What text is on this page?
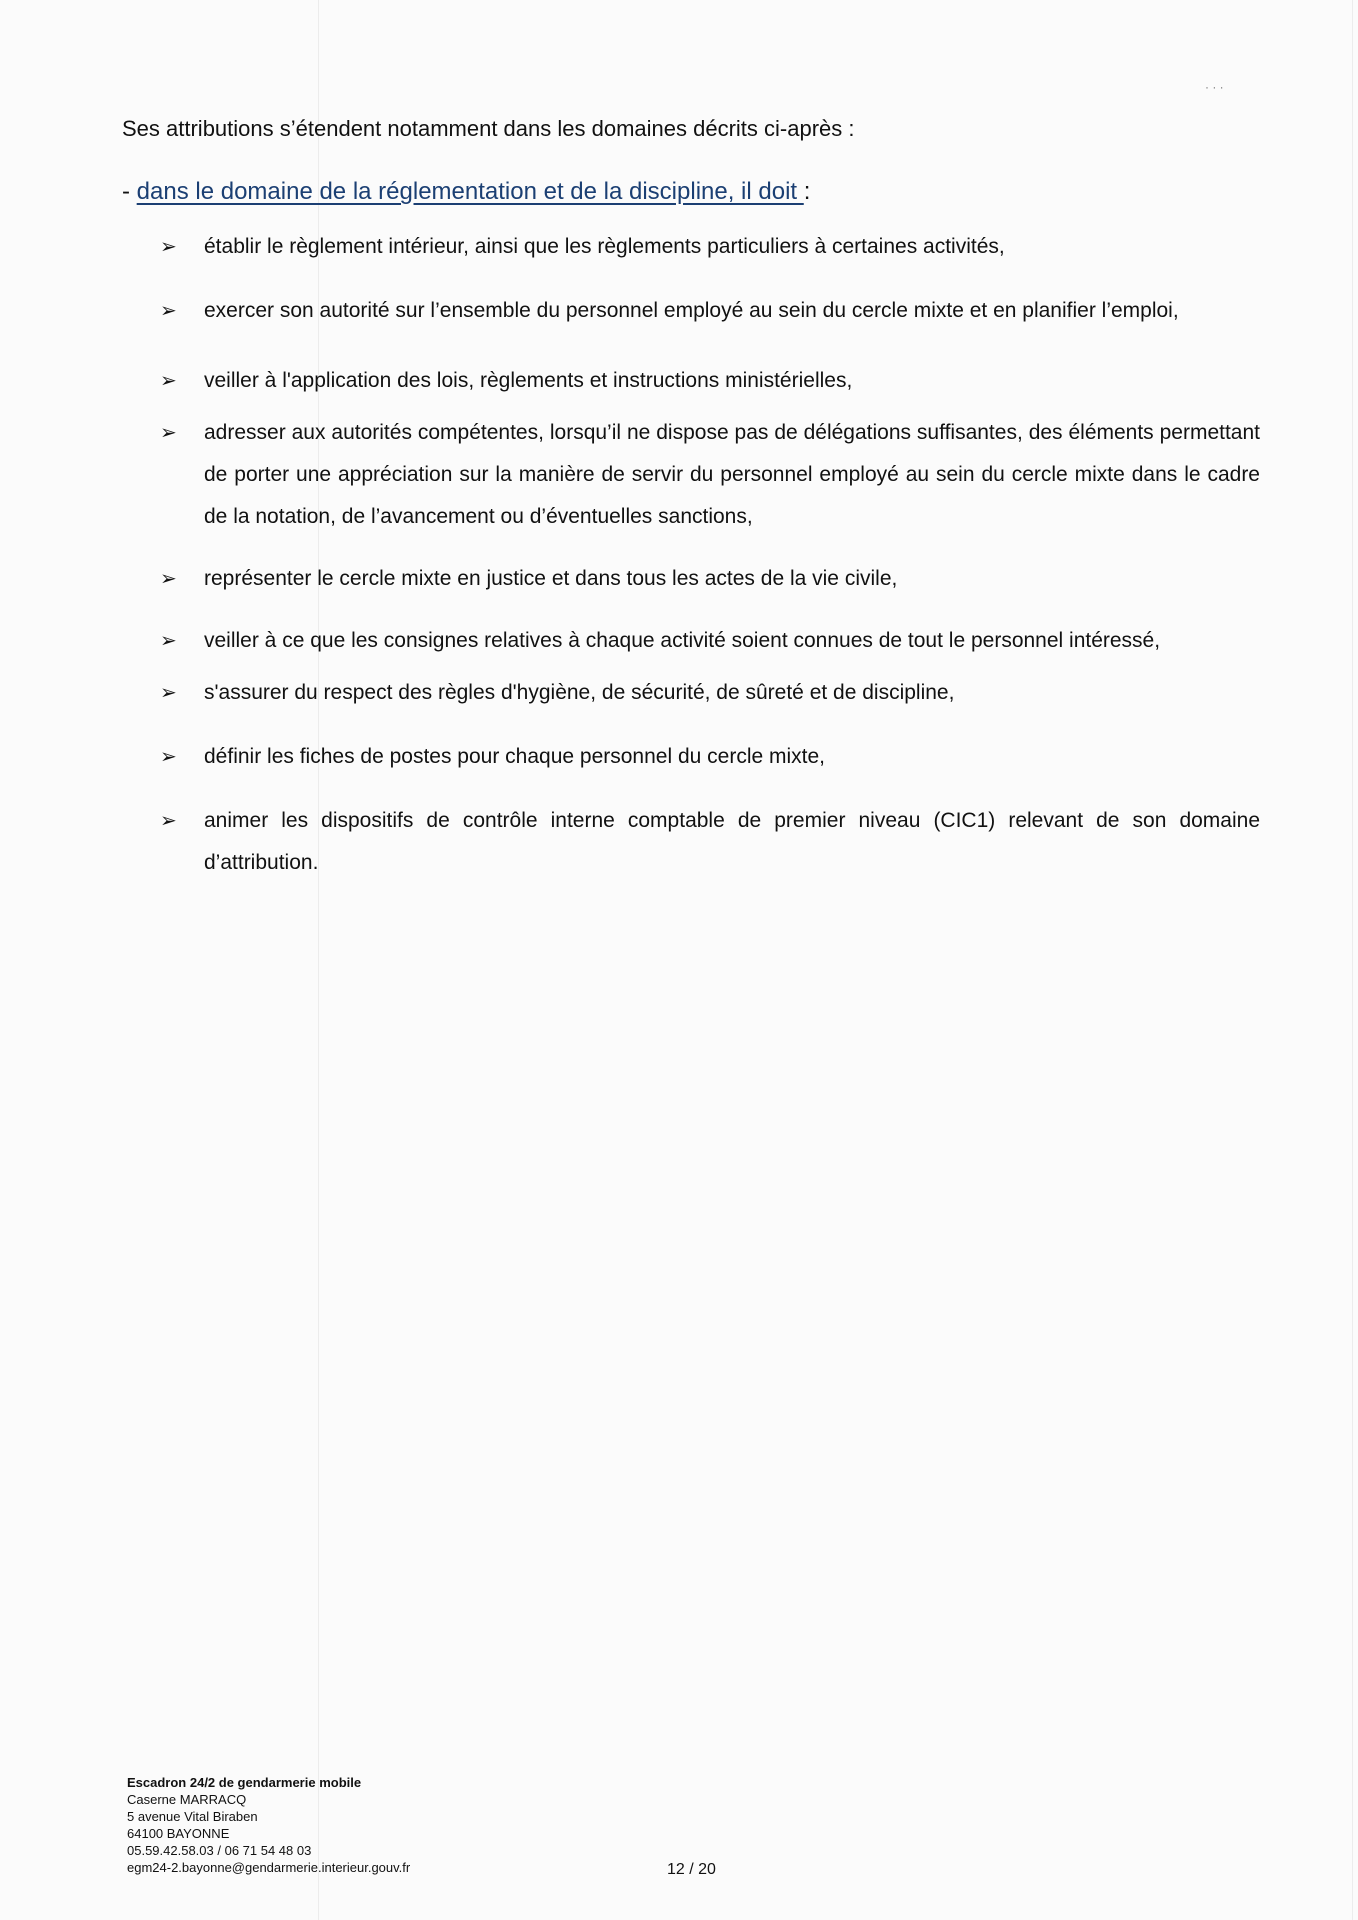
· · ·
Ses attributions s’étendent notamment dans les domaines décrits ci-après :
- dans le domaine de la réglementation et de la discipline, il doit :
➢ établir le règlement intérieur, ainsi que les règlements particuliers à certaines activités,
➢ exercer son autorité sur l’ensemble du personnel employé au sein du cercle mixte et en planifier l’emploi,
➢ veiller à l'application des lois, règlements et instructions ministérielles,
➢ adresser aux autorités compétentes, lorsqu’il ne dispose pas de délégations suffisantes, des éléments permettant de porter une appréciation sur la manière de servir du personnel employé au sein du cercle mixte dans le cadre de la notation, de l’avancement ou d’éventuelles sanctions,
➢ représenter le cercle mixte en justice et dans tous les actes de la vie civile,
➢ veiller à ce que les consignes relatives à chaque activité soient connues de tout le personnel intéressé,
➢ s'assurer du respect des règles d'hygiène, de sécurité, de sûreté et de discipline,
➢ définir les fiches de postes pour chaque personnel du cercle mixte,
➢ animer les dispositifs de contrôle interne comptable de premier niveau (CIC1) relevant de son domaine d’attribution.
Escadron 24/2 de gendarmerie mobile
Caserne MARRACQ
5 avenue Vital Biraben
64100 BAYONNE
05.59.42.58.03 / 06 71 54 48 03
egm24-2.bayonne@gendarmerie.interieur.gouv.fr	12 / 20
